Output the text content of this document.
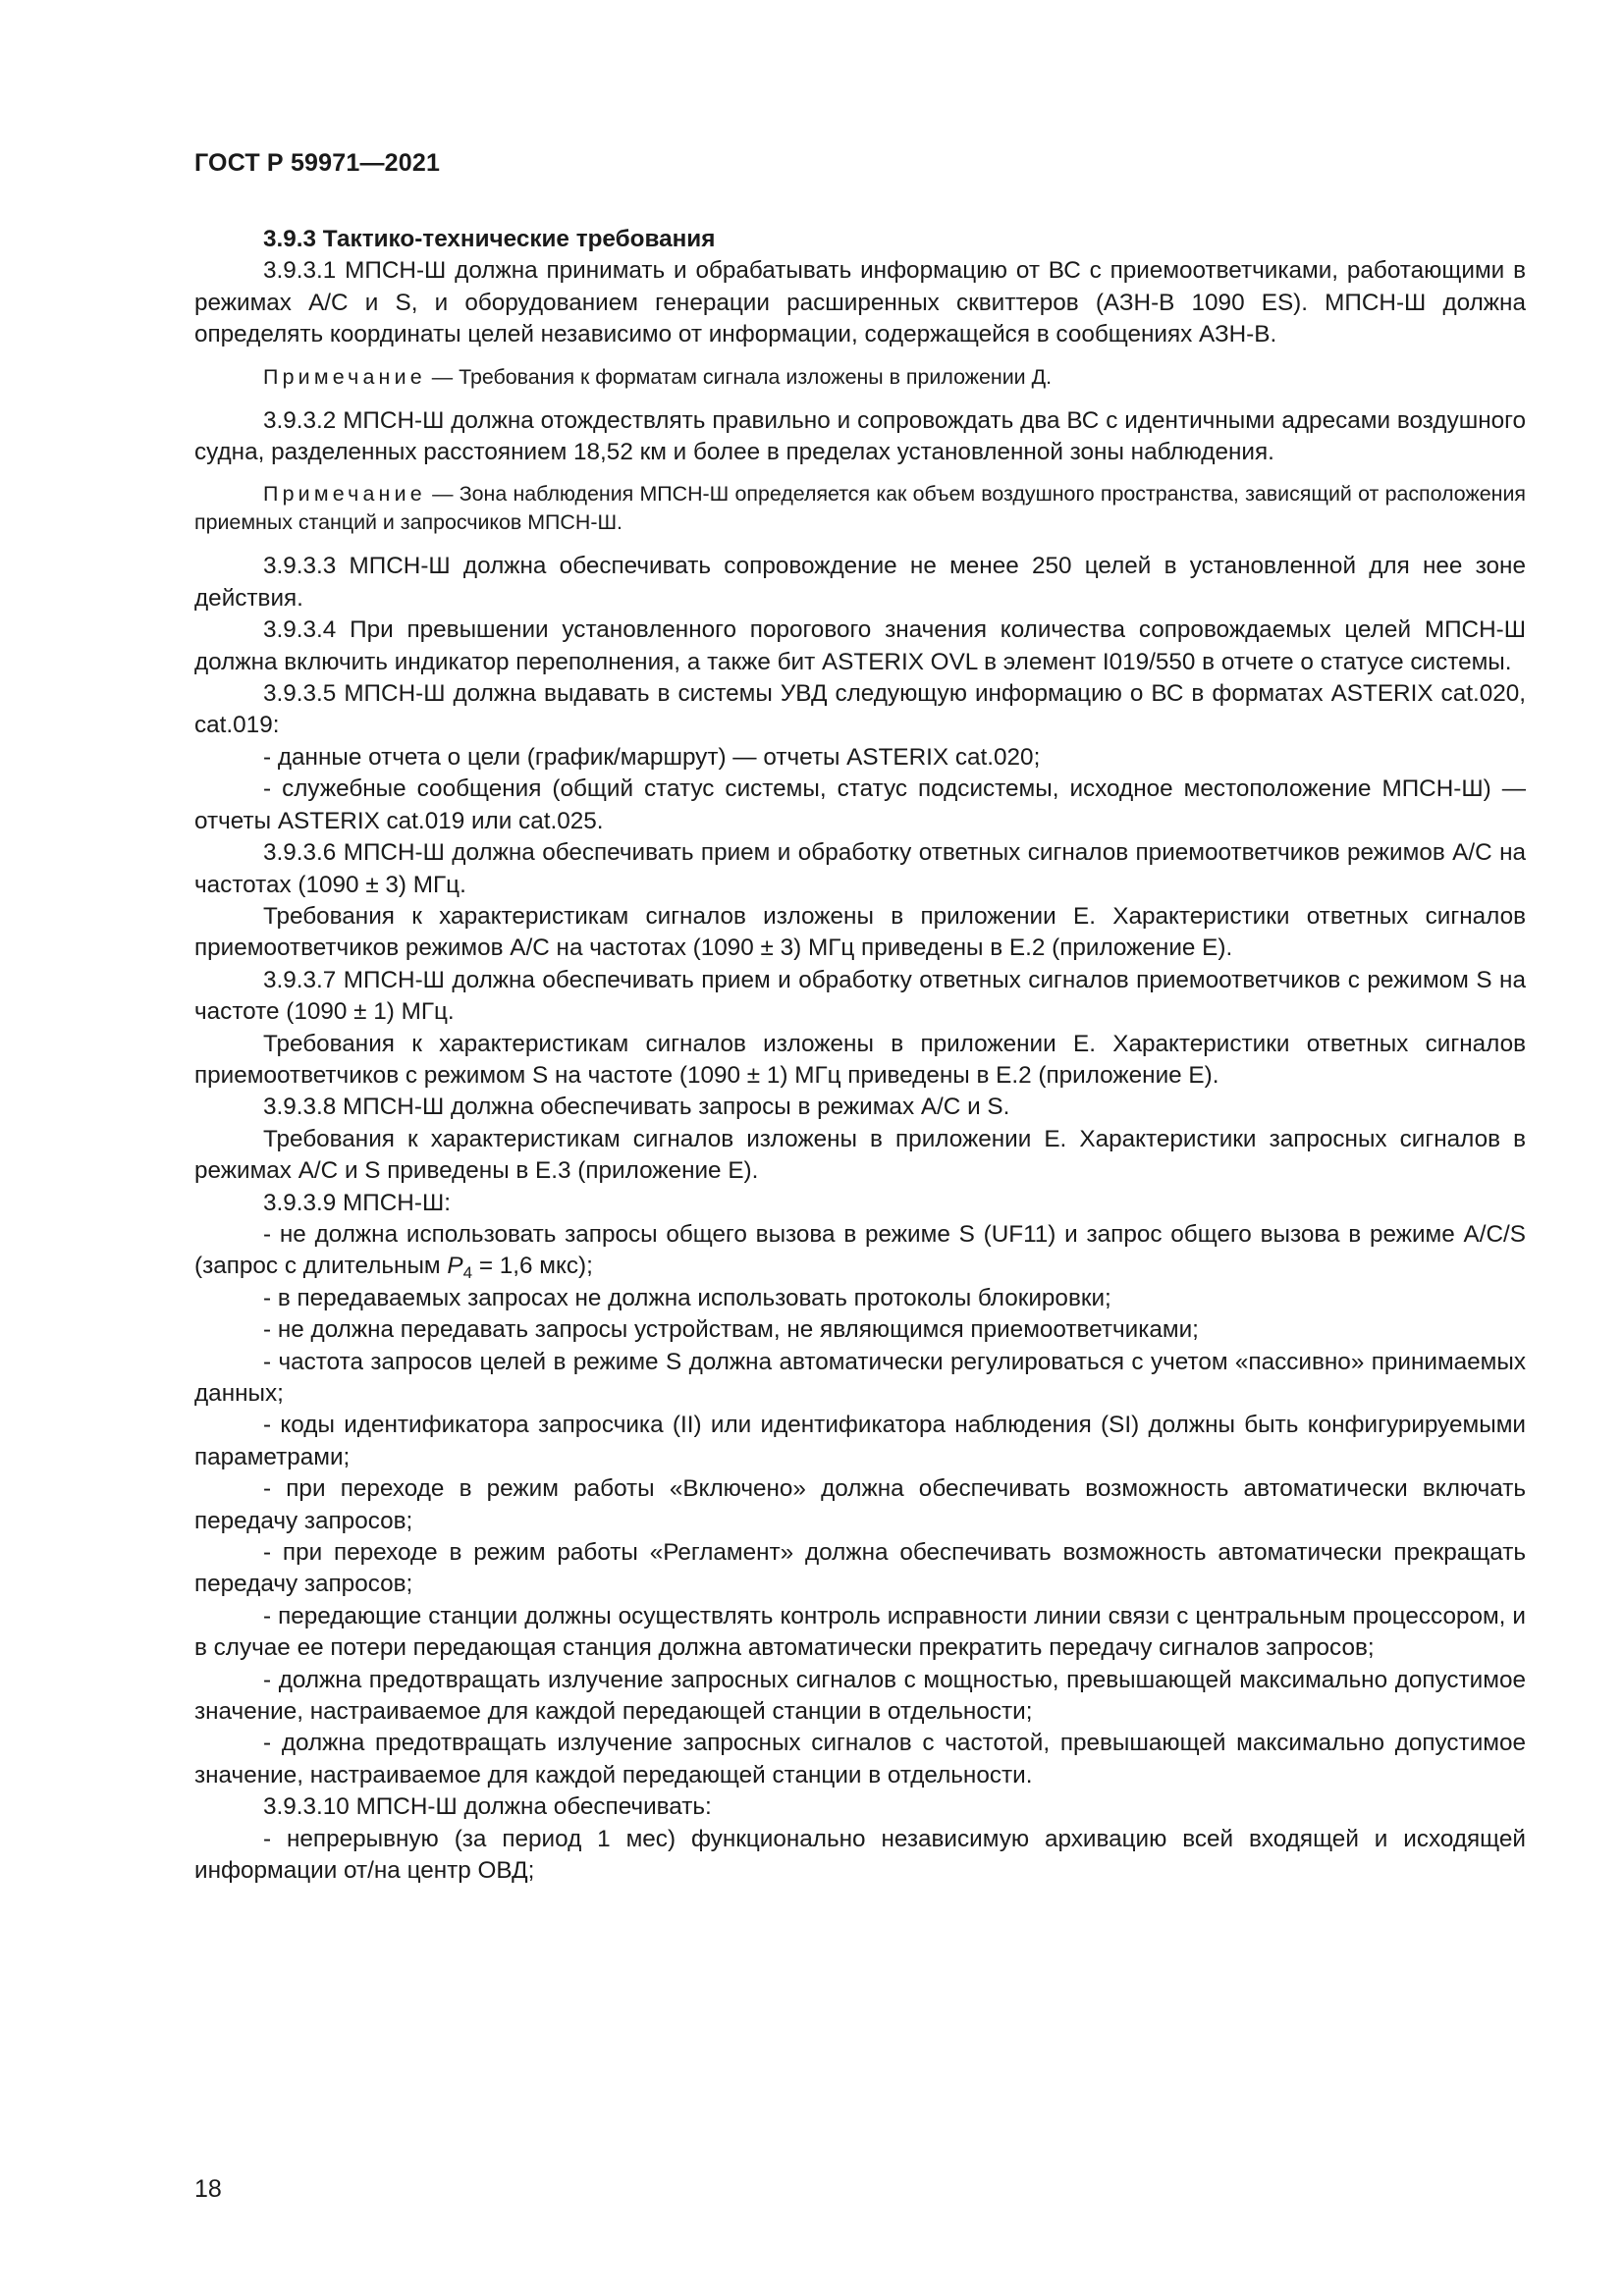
ГОСТ Р 59971—2021

3.9.3 Тактико-технические требования

3.9.3.1 МПСН-Ш должна принимать и обрабатывать информацию от ВС с приемоответчиками, работающими в режимах А/С и S, и оборудованием генерации расширенных сквиттеров (АЗН-В 1090 ES). МПСН-Ш должна определять координаты целей независимо от информации, содержащейся в сообщениях АЗН-В.

Примечание — Требования к форматам сигнала изложены в приложении Д.

3.9.3.2 МПСН-Ш должна отождествлять правильно и сопровождать два ВС с идентичными адресами воздушного судна, разделенных расстоянием 18,52 км и более в пределах установленной зоны наблюдения.

Примечание — Зона наблюдения МПСН-Ш определяется как объем воздушного пространства, зависящий от расположения приемных станций и запросчиков МПСН-Ш.

3.9.3.3 МПСН-Ш должна обеспечивать сопровождение не менее 250 целей в установленной для нее зоне действия.

3.9.3.4 При превышении установленного порогового значения количества сопровождаемых целей МПСН-Ш должна включить индикатор переполнения, а также бит ASTERIX OVL в элемент I019/550 в отчете о статусе системы.

3.9.3.5 МПСН-Ш должна выдавать в системы УВД следующую информацию о ВС в форматах ASTERIX cat.020, cat.019:

- данные отчета о цели (график/маршрут) — отчеты ASTERIX cat.020;

- служебные сообщения (общий статус системы, статус подсистемы, исходное местоположение МПСН-Ш) — отчеты ASTERIX cat.019 или cat.025.

3.9.3.6 МПСН-Ш должна обеспечивать прием и обработку ответных сигналов приемоответчиков режимов А/С на частотах (1090 ± 3) МГц.

Требования к характеристикам сигналов изложены в приложении Е. Характеристики ответных сигналов приемоответчиков режимов А/С на частотах (1090 ± 3) МГц приведены в Е.2 (приложение Е).

3.9.3.7 МПСН-Ш должна обеспечивать прием и обработку ответных сигналов приемоответчиков с режимом S на частоте (1090 ± 1) МГц.

Требования к характеристикам сигналов изложены в приложении Е. Характеристики ответных сигналов приемоответчиков с режимом S на частоте (1090 ± 1) МГц приведены в Е.2 (приложение Е).

3.9.3.8 МПСН-Ш должна обеспечивать запросы в режимах А/С и S.

Требования к характеристикам сигналов изложены в приложении Е. Характеристики запросных сигналов в режимах А/С и S приведены в Е.3 (приложение Е).

3.9.3.9 МПСН-Ш:

- не должна использовать запросы общего вызова в режиме S (UF11) и запрос общего вызова в режиме А/С/S (запрос с длительным $P_4 = 1,6$ мкс);

- в передаваемых запросах не должна использовать протоколы блокировки;

- не должна передавать запросы устройствам, не являющимся приемоответчиками;

- частота запросов целей в режиме S должна автоматически регулироваться с учетом «пассивно» принимаемых данных;

- коды идентификатора запросчика (II) или идентификатора наблюдения (SI) должны быть конфигурируемыми параметрами;

- при переходе в режим работы «Включено» должна обеспечивать возможность автоматически включать передачу запросов;

- при переходе в режим работы «Регламент» должна обеспечивать возможность автоматически прекращать передачу запросов;

- передающие станции должны осуществлять контроль исправности линии связи с центральным процессором, и в случае ее потери передающая станция должна автоматически прекратить передачу сигналов запросов;

- должна предотвращать излучение запросных сигналов с мощностью, превышающей максимально допустимое значение, настраиваемое для каждой передающей станции в отдельности;

- должна предотвращать излучение запросных сигналов с частотой, превышающей максимально допустимое значение, настраиваемое для каждой передающей станции в отдельности.

3.9.3.10 МПСН-Ш должна обеспечивать:

- непрерывную (за период 1 мес) функционально независимую архивацию всей входящей и исходящей информации от/на центр ОВД;

18
